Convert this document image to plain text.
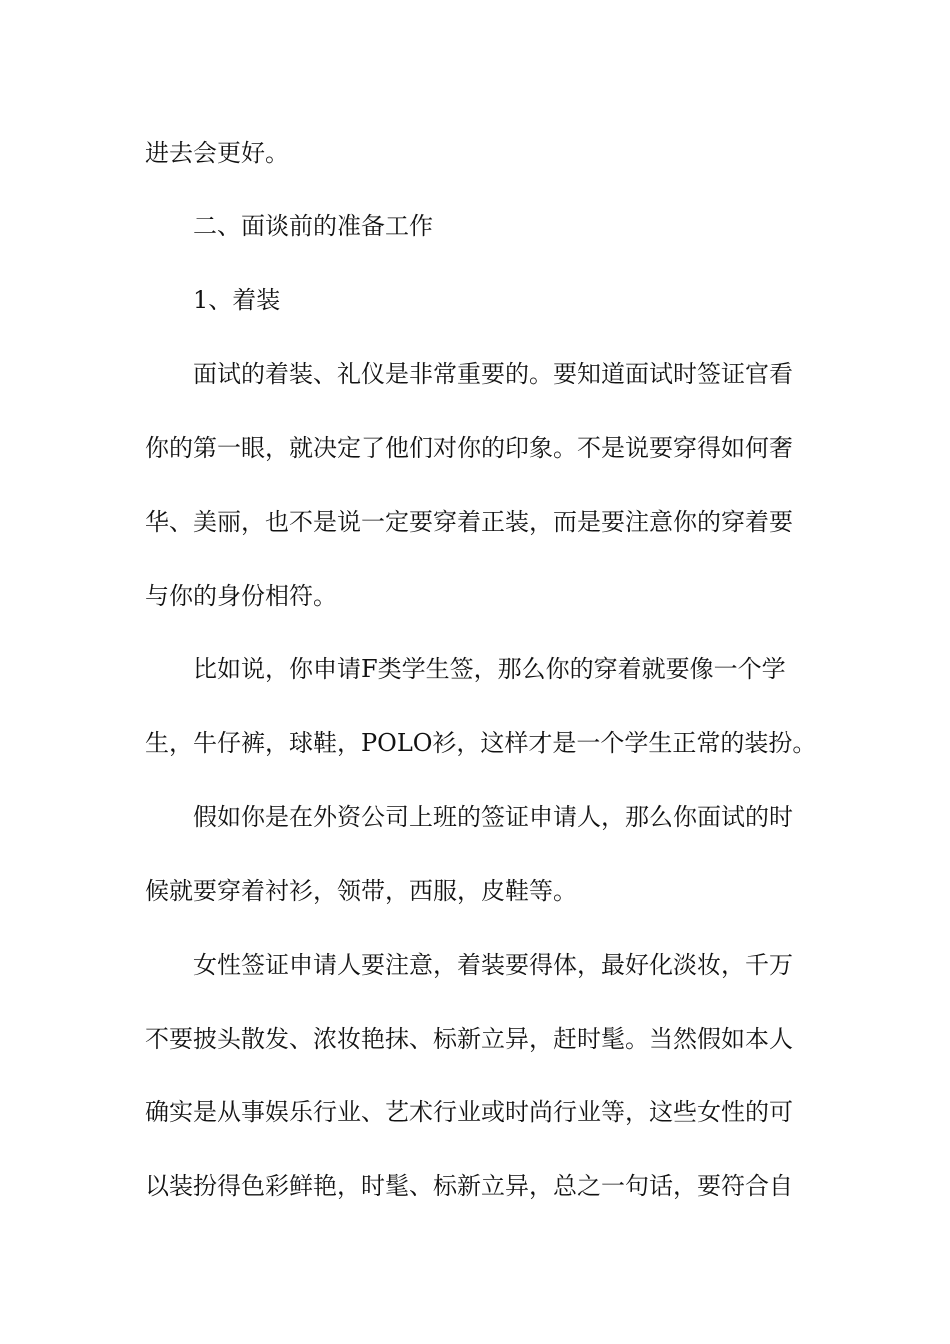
进去会更好。
二、面谈前的准备工作
1、着装
面试的着装、礼仪是非常重要的。要知道面试时签证官看
你的第一眼，就决定了他们对你的印象。不是说要穿得如何奢
华、美丽，也不是说一定要穿着正装，而是要注意你的穿着要
与你的身份相符。
比如说，你申请F类学生签，那么你的穿着就要像一个学
生，牛仔裤，球鞋，POLO衫，这样才是一个学生正常的装扮。
假如你是在外资公司上班的签证申请人，那么你面试的时
候就要穿着衬衫，领带，西服，皮鞋等。
女性签证申请人要注意，着装要得体，最好化淡妆，千万
不要披头散发、浓妆艳抹、标新立异，赶时髦。当然假如本人
确实是从事娱乐行业、艺术行业或时尚行业等，这些女性的可
以装扮得色彩鲜艳，时髦、标新立异，总之一句话，要符合自
